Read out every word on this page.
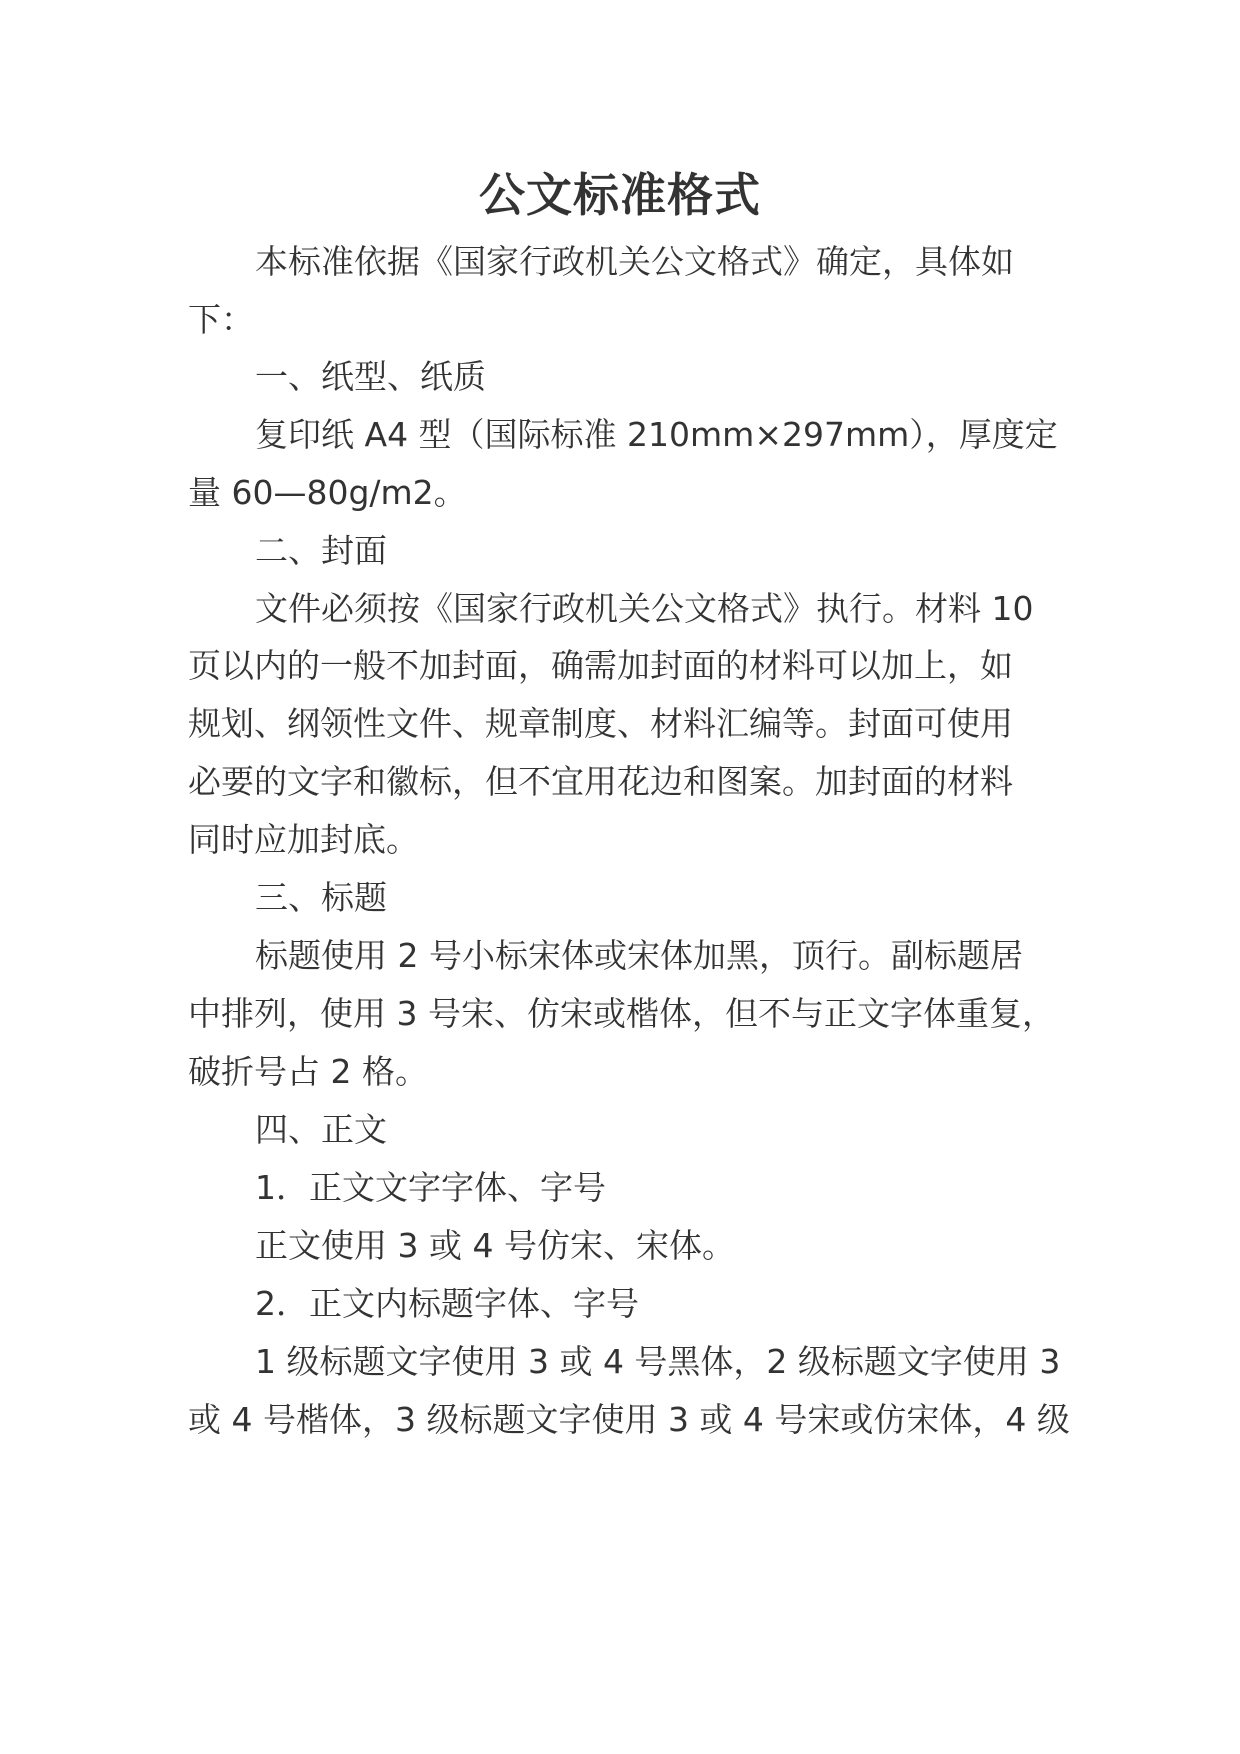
公文标准格式
本标准依据《国家行政机关公文格式》确定，具体如
下：
一、纸型、纸质
复印纸 A4 型（国际标准 210mm×297mm），厚度定
量 60—80g/m2。
二、封面
文件必须按《国家行政机关公文格式》执行。材料 10
页以内的一般不加封面，确需加封面的材料可以加上，如
规划、纲领性文件、规章制度、材料汇编等。封面可使用
必要的文字和徽标，但不宜用花边和图案。加封面的材料
同时应加封底。
三、标题
标题使用 2 号小标宋体或宋体加黑，顶行。副标题居
中排列，使用 3 号宋、仿宋或楷体，但不与正文字体重复，
破折号占 2 格。
四、正文
1．正文文字字体、字号
正文使用 3 或 4 号仿宋、宋体。
2．正文内标题字体、字号
1 级标题文字使用 3 或 4 号黑体，2 级标题文字使用 3
或 4 号楷体，3 级标题文字使用 3 或 4 号宋或仿宋体，4 级
